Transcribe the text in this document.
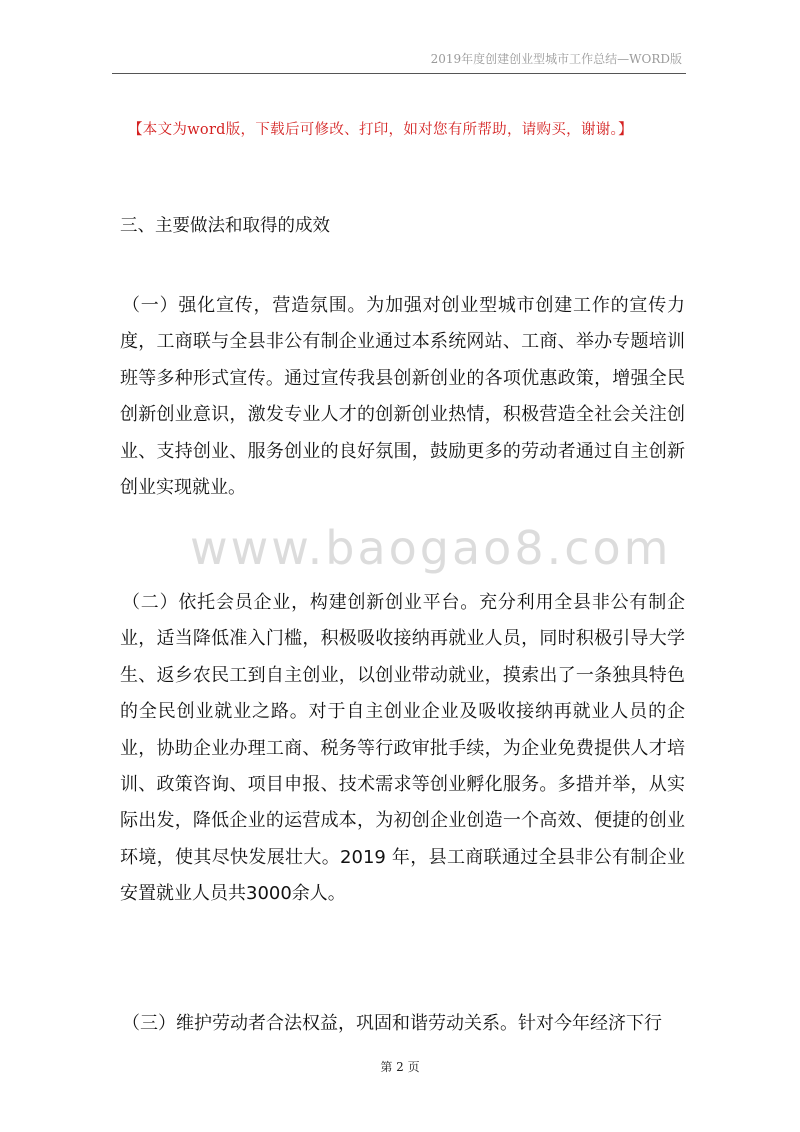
2019年度创建创业型城市工作总结—WORD版
【本文为word版，下载后可修改、打印，如对您有所帮助，请购买，谢谢。】
三、主要做法和取得的成效
（一）强化宣传，营造氛围。为加强对创业型城市创建工作的宣传力度，工商联与全县非公有制企业通过本系统网站、工商、举办专题培训班等多种形式宣传。通过宣传我县创新创业的各项优惠政策，增强全民创新创业意识，激发专业人才的创新创业热情，积极营造全社会关注创业、支持创业、服务创业的良好氛围，鼓励更多的劳动者通过自主创新创业实现就业。
www.baogao8.com
（二）依托会员企业，构建创新创业平台。充分利用全县非公有制企业，适当降低准入门槛，积极吸收接纳再就业人员，同时积极引导大学生、返乡农民工到自主创业，以创业带动就业，摸索出了一条独具特色的全民创业就业之路。对于自主创业企业及吸收接纳再就业人员的企业，协助企业办理工商、税务等行政审批手续，为企业免费提供人才培训、政策咨询、项目申报、技术需求等创业孵化服务。多措并举，从实际出发，降低企业的运营成本，为初创企业创造一个高效、便捷的创业环境，使其尽快发展壮大。2019 年，县工商联通过全县非公有制企业安置就业人员共3000余人。
（三）维护劳动者合法权益，巩固和谐劳动关系。针对今年经济下行
第 2 页
